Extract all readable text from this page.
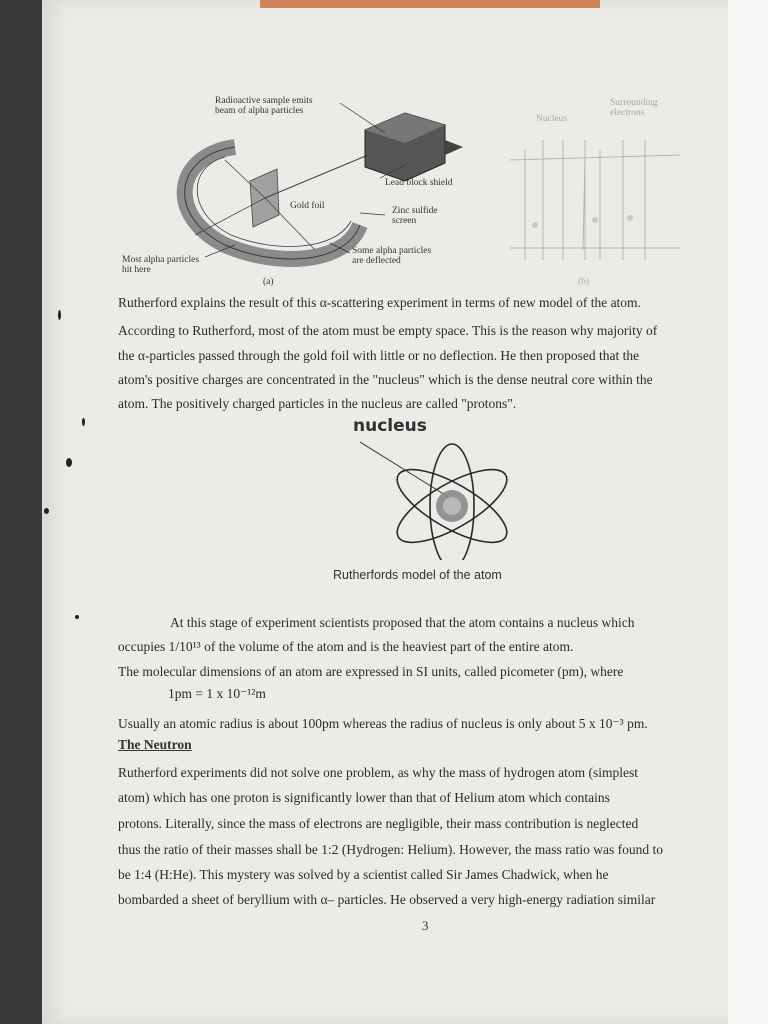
Radioactive sample emits
beam of alpha particles
Lead block shield
Gold foil	Zinc sulfide
screen
Some alpha particles
are deflected
Most alpha particles
hit here
(a)
Nucleus
Surrounding
electrons
(b)
Rutherford explains the result of this α-scattering experiment in terms of new model of the atom.
According to Rutherford, most of the atom must be empty space. This is the reason why majority of
the α-particles passed through the gold foil with little or no deflection. He then proposed that the
atom's positive charges are concentrated in the "nucleus" which is the dense neutral core within the
atom. The positively charged particles in the nucleus are called "protons".
nucleus
Rutherfords model of the atom
At this stage of experiment scientists proposed that the atom contains a nucleus which
occupies 1/10¹³ of the volume of the atom and is the heaviest part of the entire atom.
The molecular dimensions of an atom are expressed in SI units, called picometer (pm), where
1pm = 1 x 10⁻¹²m
Usually an atomic radius is about 100pm whereas the radius of nucleus is only about 5 x 10⁻³ pm.
The Neutron
Rutherford experiments did not solve one problem, as why the mass of hydrogen atom (simplest
atom) which has one proton is significantly lower than that of Helium atom which contains
protons. Literally, since the mass of electrons are negligible, their mass contribution is neglected
thus the ratio of their masses shall be 1:2 (Hydrogen: Helium). However, the mass ratio was found to
be 1:4 (H:He). This mystery was solved by a scientist called Sir James Chadwick, when he
bombarded a sheet of beryllium with α– particles. He observed a very high-energy radiation similar
3
